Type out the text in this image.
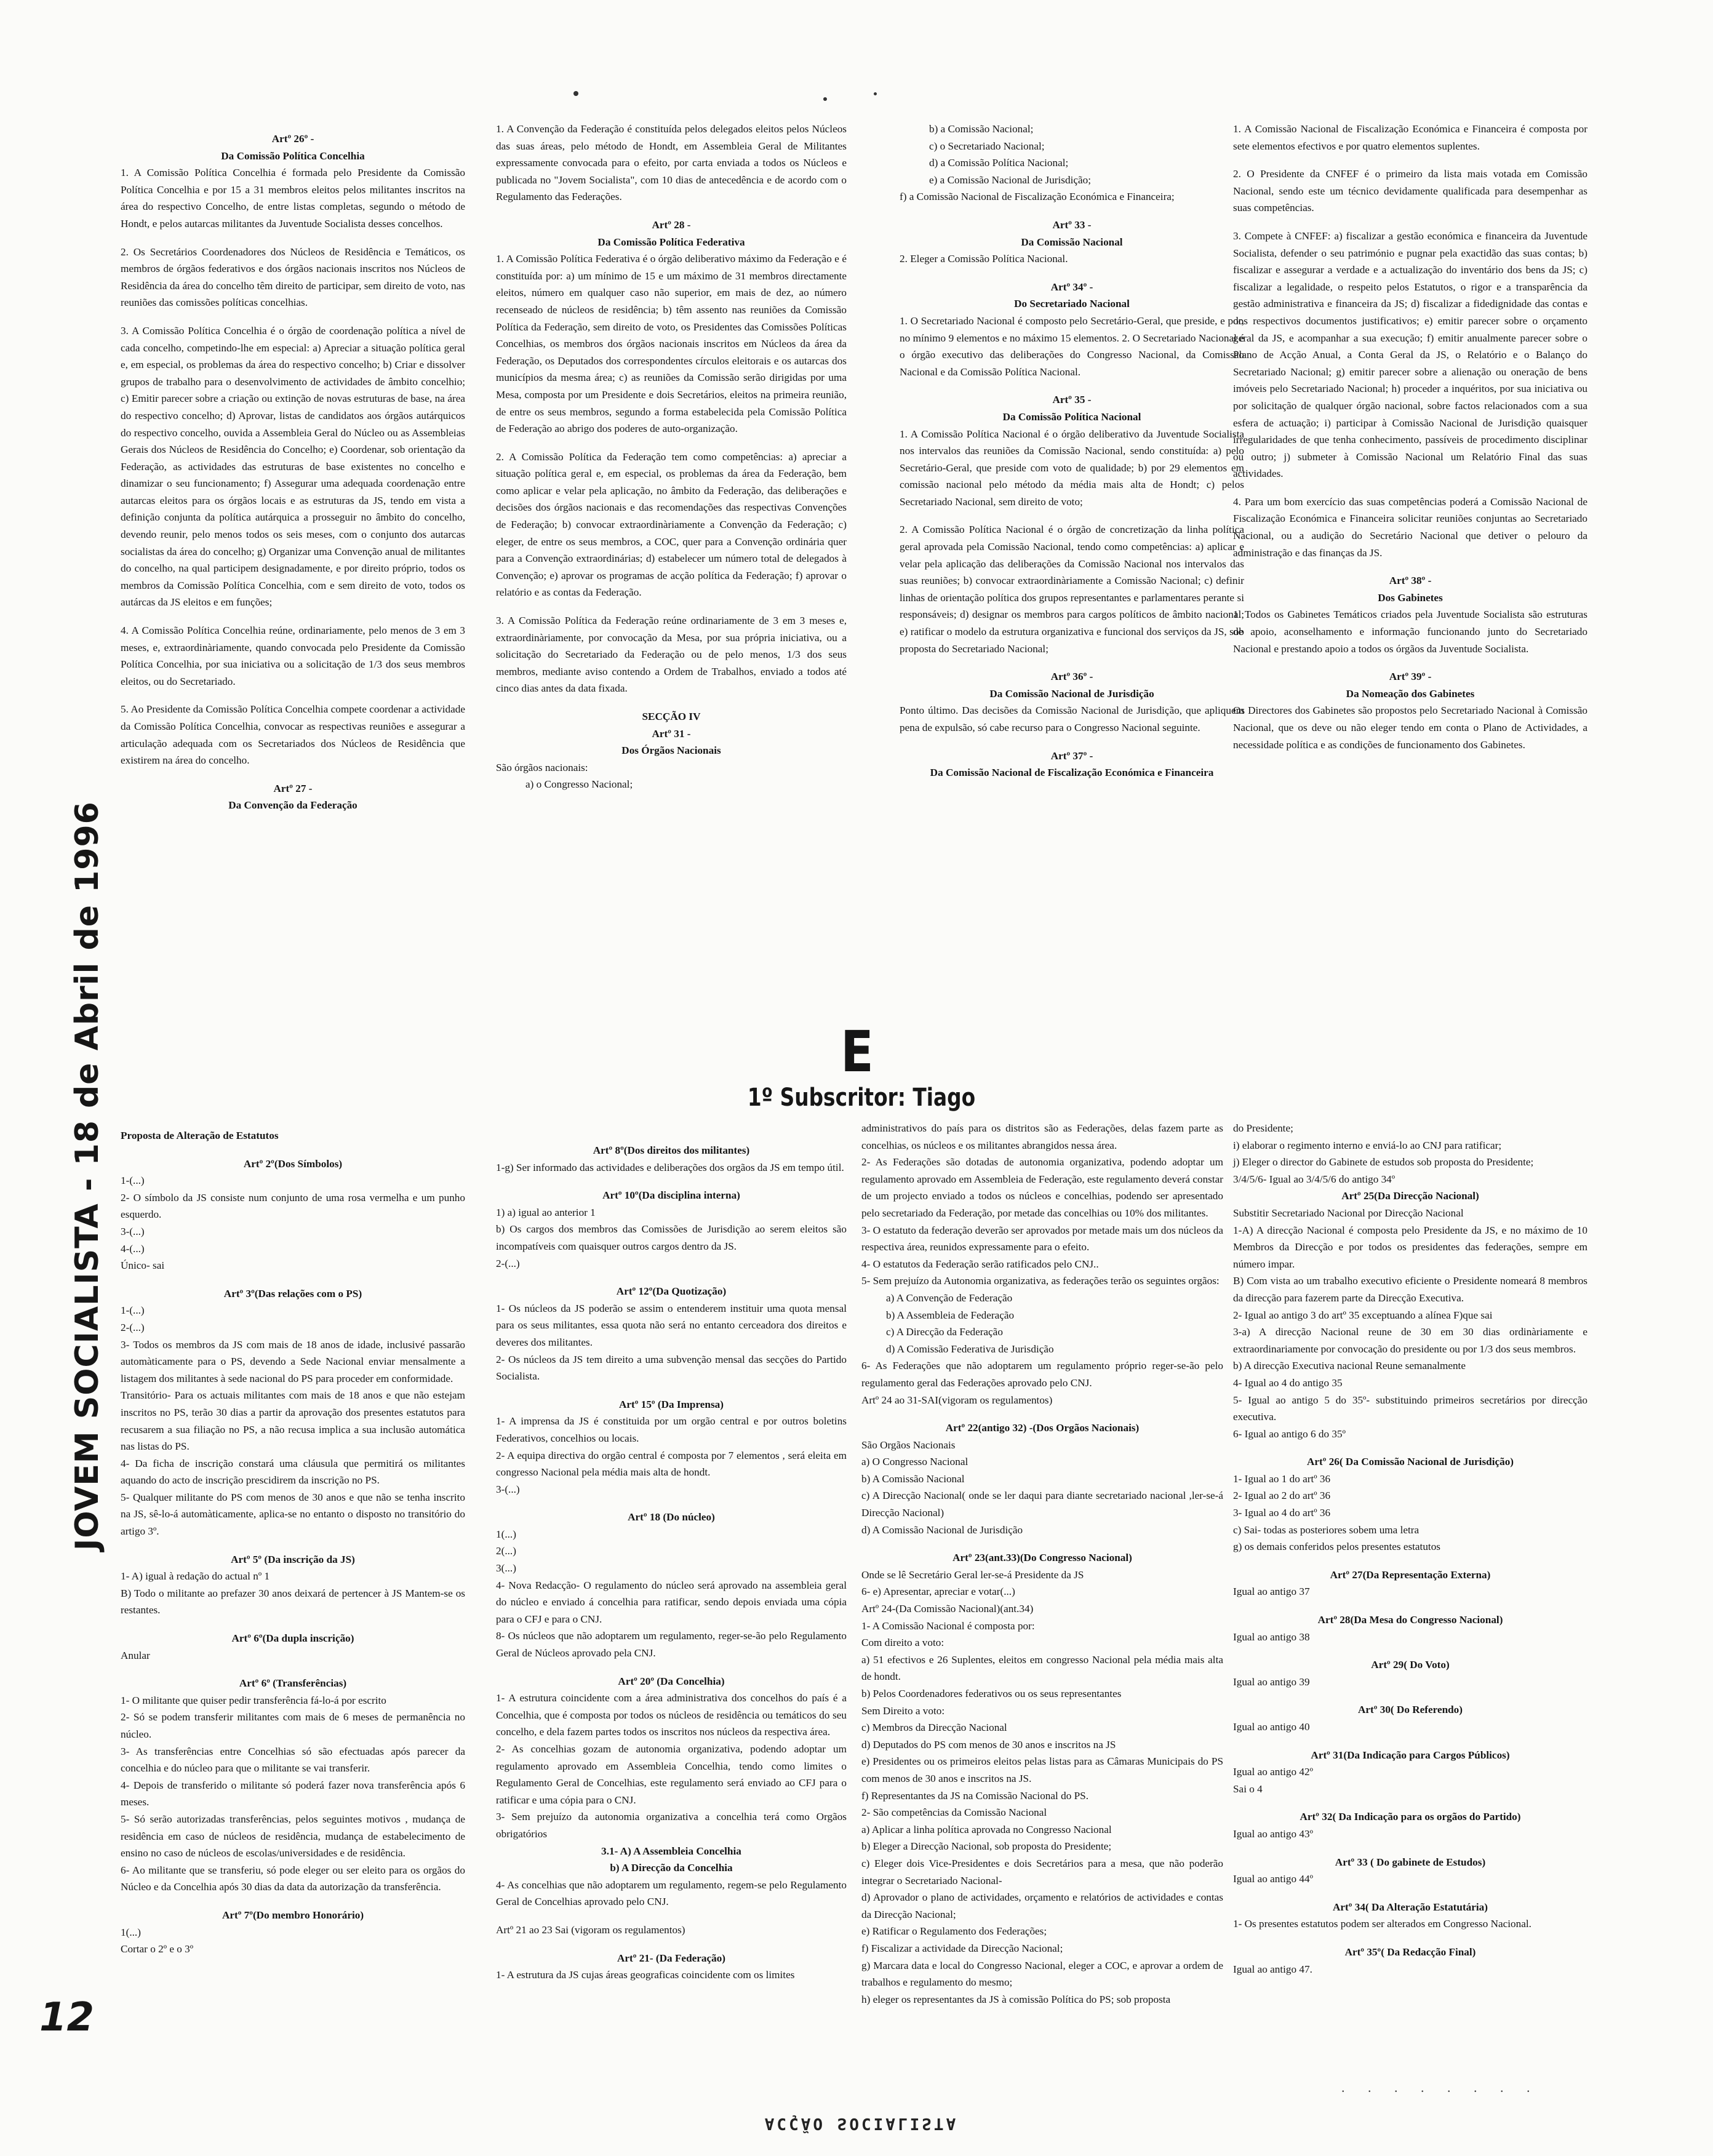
JOVEM SOCIALISTA - 18 de Abril de 1996
12
Artº 26º -
Da Comissão Política Concelhia
1. A Comissão Política Concelhia é formada pelo Presidente da Comissão Política Concelhia e por 15 a 31 membros eleitos pelos militantes inscritos na área do respectivo Concelho, de entre listas completas, segundo o método de Hondt, e pelos autarcas militantes da Juventude Socialista desses concelhos.
2. Os Secretários Coordenadores dos Núcleos de Residência e Temáticos, os membros de órgãos federativos e dos órgãos nacionais inscritos nos Núcleos de Residência da área do concelho têm direito de participar, sem direito de voto, nas reuniões das comissões políticas concelhias.
3. A Comissão Política Concelhia é o órgão de coordenação política a nível de cada concelho, competindo-lhe em especial: a) Apreciar a situação política geral e, em especial, os problemas da área do respectivo concelho; b) Criar e dissolver grupos de trabalho para o desenvolvimento de actividades de âmbito concelhio; c) Emitir parecer sobre a criação ou extinção de novas estruturas de base, na área do respectivo concelho; d) Aprovar, listas de candidatos aos órgãos autárquicos do respectivo concelho, ouvida a Assembleia Geral do Núcleo ou as Assembleias Gerais dos Núcleos de Residência do Concelho; e) Coordenar, sob orientação da Federação, as actividades das estruturas de base existentes no concelho e dinamizar o seu funcionamento; f) Assegurar uma adequada coordenação entre autarcas eleitos para os órgãos locais e as estruturas da JS, tendo em vista a definição conjunta da política autárquica a prosseguir no âmbito do concelho, devendo reunir, pelo menos todos os seis meses, com o conjunto dos autarcas socialistas da área do concelho; g) Organizar uma Convenção anual de militantes do concelho, na qual participem designadamente, e por direito próprio, todos os membros da Comissão Política Concelhia, com e sem direito de voto, todos os autárcas da JS eleitos e em funções;
4. A Comissão Política Concelhia reúne, ordinariamente, pelo menos de 3 em 3 meses, e, extraordinàriamente, quando convocada pelo Presidente da Comissão Política Concelhia, por sua iniciativa ou a solicitação de 1/3 dos seus membros eleitos, ou do Secretariado.
5. Ao Presidente da Comissão Política Concelhia compete coordenar a actividade da Comissão Política Concelhia, convocar as respectivas reuniões e assegurar a articulação adequada com os Secretariados dos Núcleos de Residência que existirem na área do concelho.
Artº 27 -
Da Convenção da Federação
1. A Convenção da Federação é constituída pelos delegados eleitos pelos Núcleos das suas áreas, pelo método de Hondt, em Assembleia Geral de Militantes expressamente convocada para o efeito, por carta enviada a todos os Núcleos e publicada no "Jovem Socialista", com 10 dias de antecedência e de acordo com o Regulamento das Federações.
Artº 28 -
Da Comissão Política Federativa
1. A Comissão Política Federativa é o órgão deliberativo máximo da Federação e é constituída por: a) um mínimo de 15 e um máximo de 31 membros directamente eleitos, número em qualquer caso não superior, em mais de dez, ao número recenseado de núcleos de residência; b) têm assento nas reuniões da Comissão Política da Federação, sem direito de voto, os Presidentes das Comissões Políticas Concelhias, os membros dos órgãos nacionais inscritos em Núcleos da área da Federação, os Deputados dos correspondentes círculos eleitorais e os autarcas dos municípios da mesma área; c) as reuniões da Comissão serão dirigidas por uma Mesa, composta por um Presidente e dois Secretários, eleitos na primeira reunião, de entre os seus membros, segundo a forma estabelecida pela Comissão Política de Federação ao abrigo dos poderes de auto-organização.
2. A Comissão Política da Federação tem como competências: a) apreciar a situação política geral e, em especial, os problemas da área da Federação, bem como aplicar e velar pela aplicação, no âmbito da Federação, das deliberações e decisões dos órgãos nacionais e das recomendações das respectivas Convenções de Federação; b) convocar extraordinàriamente a Convenção da Federação; c) eleger, de entre os seus membros, a COC, quer para a Convenção ordinária quer para a Convenção extraordinárias; d) estabelecer um número total de delegados à Convenção; e) aprovar os programas de acção política da Federação; f) aprovar o relatório e as contas da Federação.
3. A Comissão Política da Federação reúne ordinariamente de 3 em 3 meses e, extraordinàriamente, por convocação da Mesa, por sua própria iniciativa, ou a solicitação do Secretariado da Federação ou de pelo menos, 1/3 dos seus membros, mediante aviso contendo a Ordem de Trabalhos, enviado a todos até cinco dias antes da data fixada.
SECÇÃO IV
Artº 31 -
Dos Órgãos Nacionais
São órgãos nacionais:
a) o Congresso Nacional;
b) a Comissão Nacional;
c) o Secretariado Nacional;
d) a Comissão Política Nacional;
e) a Comissão Nacional de Jurisdição;
f) a Comissão Nacional de Fiscalização Económica e Financeira;
Artº 33 -
Da Comissão Nacional
2. Eleger a Comissão Política Nacional.
Artº 34º -
Do Secretariado Nacional
1. O Secretariado Nacional é composto pelo Secretário-Geral, que preside, e por, no mínimo 9 elementos e no máximo 15 elementos. 2. O Secretariado Nacional é o órgão executivo das deliberações do Congresso Nacional, da Comissão Nacional e da Comissão Política Nacional.
Artº 35 -
Da Comissão Política Nacional
1. A Comissão Política Nacional é o órgão deliberativo da Juventude Socialista nos intervalos das reuniões da Comissão Nacional, sendo constituída: a) pelo Secretário-Geral, que preside com voto de qualidade; b) por 29 elementos em comissão nacional pelo método da média mais alta de Hondt; c) pelos Secretariado Nacional, sem direito de voto;
2. A Comissão Política Nacional é o órgão de concretização da linha política geral aprovada pela Comissão Nacional, tendo como competências: a) aplicar e velar pela aplicação das deliberações da Comissão Nacional nos intervalos das suas reuniões; b) convocar extraordinàriamente a Comissão Nacional; c) definir linhas de orientação política dos grupos representantes e parlamentares perante si responsáveis; d) designar os membros para cargos políticos de âmbito nacional; e) ratificar o modelo da estrutura organizativa e funcional dos serviços da JS, sob proposta do Secretariado Nacional;
Artº 36º -
Da Comissão Nacional de Jurisdição
Ponto último. Das decisões da Comissão Nacional de Jurisdição, que apliquem pena de expulsão, só cabe recurso para o Congresso Nacional seguinte.
Artº 37º -
Da Comissão Nacional de Fiscalização Económica e Financeira
1. A Comissão Nacional de Fiscalização Económica e Financeira é composta por sete elementos efectivos e por quatro elementos suplentes.
2. O Presidente da CNFEF é o primeiro da lista mais votada em Comissão Nacional, sendo este um técnico devidamente qualificada para desempenhar as suas competências.
3. Compete à CNFEF: a) fiscalizar a gestão económica e financeira da Juventude Socialista, defender o seu património e pugnar pela exactidão das suas contas; b) fiscalizar e assegurar a verdade e a actualização do inventário dos bens da JS; c) fiscalizar a legalidade, o respeito pelos Estatutos, o rigor e a transparência da gestão administrativa e financeira da JS; d) fiscalizar a fidedignidade das contas e dos respectivos documentos justificativos; e) emitir parecer sobre o orçamento geral da JS, e acompanhar a sua execução; f) emitir anualmente parecer sobre o Plano de Acção Anual, a Conta Geral da JS, o Relatório e o Balanço do Secretariado Nacional; g) emitir parecer sobre a alienação ou oneração de bens imóveis pelo Secretariado Nacional; h) proceder a inquéritos, por sua iniciativa ou por solicitação de qualquer órgão nacional, sobre factos relacionados com a sua esfera de actuação; i) participar à Comissão Nacional de Jurisdição quaisquer irregularidades de que tenha conhecimento, passíveis de procedimento disciplinar ou outro; j) submeter à Comissão Nacional um Relatório Final das suas actividades.
4. Para um bom exercício das suas competências poderá a Comissão Nacional de Fiscalização Económica e Financeira solicitar reuniões conjuntas ao Secretariado Nacional, ou a audição do Secretário Nacional que detiver o pelouro da administração e das finanças da JS.
Artº 38º -
Dos Gabinetes
1. Todos os Gabinetes Temáticos criados pela Juventude Socialista são estruturas de apoio, aconselhamento e informação funcionando junto do Secretariado Nacional e prestando apoio a todos os órgãos da Juventude Socialista.
Artº 39º -
Da Nomeação dos Gabinetes
Os Directores dos Gabinetes são propostos pelo Secretariado Nacional à Comissão Nacional, que os deve ou não eleger tendo em conta o Plano de Actividades, a necessidade política e as condições de funcionamento dos Gabinetes.
E
1º Subscritor: Tiago
Proposta de Alteração de Estatutos
Artº 2º(Dos Símbolos)
1-(...)
2- O símbolo da JS consiste num conjunto de uma rosa vermelha e um punho esquerdo.
3-(...)
4-(...)
Único- sai
Artº 3º(Das relações com o PS)
1-(...)
2-(...)
3- Todos os membros da JS com mais de 18 anos de idade, inclusivé passarão automàticamente para o PS, devendo a Sede Nacional enviar mensalmente a listagem dos militantes à sede nacional do PS para proceder em conformidade.
Transitório- Para os actuais militantes com mais de 18 anos e que não estejam inscritos no PS, terão 30 dias a partir da aprovação dos presentes estatutos para recusarem a sua filiação no PS, a não recusa implica a sua inclusão automática nas listas do PS.
4- Da ficha de inscrição constará uma cláusula que permitirá os militantes aquando do acto de inscrição prescidirem da inscrição no PS.
5- Qualquer militante do PS com menos de 30 anos e que não se tenha inscrito na JS, sê-lo-á automàticamente, aplica-se no entanto o disposto no transitório do artigo 3º.
Artº 5º (Da inscrição da JS)
1- A) igual à redação do actual nº 1
B) Todo o militante ao prefazer 30 anos deixará de pertencer à JS Mantem-se os restantes.
Artº 6º(Da dupla inscrição)
Anular
Artº 6º (Transferências)
1- O militante que quiser pedir transferência fá-lo-á por escrito
2- Só se podem transferir militantes com mais de 6 meses de permanência no núcleo.
3- As transferências entre Concelhias só são efectuadas após parecer da concelhia e do núcleo para que o militante se vai transferir.
4- Depois de transferido o militante só poderá fazer nova transferência após 6 meses.
5- Só serão autorizadas transferências, pelos seguintes motivos , mudança de residência em caso de núcleos de residência, mudança de estabelecimento de ensino no caso de núcleos de escolas/universidades e de residência.
6- Ao militante que se transferiu, só pode eleger ou ser eleito para os orgãos do Núcleo e da Concelhia após 30 dias da data da autorização da transferência.
Artº 7º(Do membro Honorário)
1(...)
Cortar o 2º e o 3º
Artº 8º(Dos direitos dos militantes)
1-g) Ser informado das actividades e deliberações dos orgãos da JS em tempo útil.
Artº 10º(Da disciplina interna)
1) a) igual ao anterior 1
b) Os cargos dos membros das Comissões de Jurisdição ao serem eleitos são incompatíveis com quaisquer outros cargos dentro da JS.
2-(...)
Artº 12º(Da Quotização)
1- Os núcleos da JS poderão se assim o entenderem instituir uma quota mensal para os seus militantes, essa quota não será no entanto cerceadora dos direitos e deveres dos militantes.
2- Os núcleos da JS tem direito a uma subvenção mensal das secções do Partido Socialista.
Artº 15º (Da Imprensa)
1- A imprensa da JS é constituida por um orgão central e por outros boletins Federativos, concelhios ou locais.
2- A equipa directiva do orgão central é composta por 7 elementos , será eleita em congresso Nacional pela média mais alta de hondt.
3-(...)
Artº 18 (Do núcleo)
1(...)
2(...)
3(...)
4- Nova Redacção- O regulamento do núcleo será aprovado na assembleia geral do núcleo e enviado á concelhia para ratificar, sendo depois enviada uma cópia para o CFJ e para o CNJ.
8- Os núcleos que não adoptarem um regulamento, reger-se-ão pelo Regulamento Geral de Núcleos aprovado pela CNJ.
Artº 20º (Da Concelhia)
1- A estrutura coincidente com a área administrativa dos concelhos do país é a Concelhia, que é composta por todos os núcleos de residência ou temáticos do seu concelho, e dela fazem partes todos os inscritos nos núcleos da respectiva área.
2- As concelhias gozam de autonomia organizativa, podendo adoptar um regulamento aprovado em Assembleia Concelhia, tendo como limites o Regulamento Geral de Concelhias, este regulamento será enviado ao CFJ para o ratificar e uma cópia para o CNJ.
3- Sem prejuízo da autonomia organizativa a concelhia terá como Orgãos obrigatórios
3.1- A) A Assembleia Concelhia
b) A Direcção da Concelhia
4- As concelhias que não adoptarem um regulamento, regem-se pelo Regulamento Geral de Concelhias aprovado pelo CNJ.
Artº 21 ao 23 Sai (vigoram os regulamentos)
Artº 21- (Da Federação)
1- A estrutura da JS cujas áreas geograficas coincidente com os limites
administrativos do país para os distritos são as Federações, delas fazem parte as concelhias, os núcleos e os militantes abrangidos nessa área.
2- As Federações são dotadas de autonomia organizativa, podendo adoptar um regulamento aprovado em Assembleia de Federação, este regulamento deverá constar de um projecto enviado a todos os núcleos e concelhias, podendo ser apresentado pelo secretariado da Federação, por metade das concelhias ou 10% dos militantes.
3- O estatuto da federação deverão ser aprovados por metade mais um dos núcleos da respectiva área, reunidos expressamente para o efeito.
4- O estatutos da Federação serão ratificados pelo CNJ..
5- Sem prejuízo da Autonomia organizativa, as federações terão os seguintes orgãos:
a) A Convenção de Federação
b) A Assembleia de Federação
c) A Direcção da Federação
d) A Comissão Federativa de Jurisdição
6- As Federações que não adoptarem um regulamento próprio reger-se-ão pelo regulamento geral das Federações aprovado pelo CNJ.
Artº 24 ao 31-SAI(vigoram os regulamentos)
Artº 22(antigo 32) -(Dos Orgãos Nacionais)
São Orgãos Nacionais
a) O Congresso Nacional
b) A Comissão Nacional
c) A Direcção Nacional( onde se ler daqui para diante secretariado nacional ,ler-se-á Direcção Nacional)
d) A Comissão Nacional de Jurisdição
Artº 23(ant.33)(Do Congresso Nacional)
Onde se lê Secretário Geral ler-se-á Presidente da JS
6- e) Apresentar, apreciar e votar(...)
Artº 24-(Da Comissão Nacional)(ant.34)
1- A Comissão Nacional é composta por:
Com direito a voto:
a) 51 efectivos e 26 Suplentes, eleitos em congresso Nacional pela média mais alta de hondt.
b) Pelos Coordenadores federativos ou os seus representantes
Sem Direito a voto:
c) Membros da Direcção Nacional
d) Deputados do PS com menos de 30 anos e inscritos na JS
e) Presidentes ou os primeiros eleitos pelas listas para as Câmaras Municipais do PS com menos de 30 anos e inscritos na JS.
f) Representantes da JS na Comissão Nacional do PS.
2- São competências da Comissão Nacional
a) Aplicar a linha política aprovada no Congresso Nacional
b) Eleger a Direcção Nacional, sob proposta do Presidente;
c) Eleger dois Vice-Presidentes e dois Secretários para a mesa, que não poderão integrar o Secretariado Nacional-
d) Aprovador o plano de actividades, orçamento e relatórios de actividades e contas da Direcção Nacional;
e) Ratificar o Regulamento dos Federações;
f) Fiscalizar a actividade da Direcção Nacional;
g) Marcara data e local do Congresso Nacional, eleger a COC, e aprovar a ordem de trabalhos e regulamento do mesmo;
h) eleger os representantes da JS à comissão Política do PS; sob proposta
do Presidente;
i) elaborar o regimento interno e enviá-lo ao CNJ para ratificar;
j) Eleger o director do Gabinete de estudos sob proposta do Presidente;
3/4/5/6- Igual ao 3/4/5/6 do antigo 34º
Artº 25(Da Direcção Nacional)
Substitir Secretariado Nacional por Direcção Nacional
1-A) A direcção Nacional é composta pelo Presidente da JS, e no máximo de 10 Membros da Direcção e por todos os presidentes das federações, sempre em número impar.
B) Com vista ao um trabalho executivo eficiente o Presidente nomeará 8 membros da direcção para fazerem parte da Direcção Executiva.
2- Igual ao antigo 3 do artº 35 exceptuando a alínea F)que sai
3-a) A direcção Nacional reune de 30 em 30 dias ordinàriamente e extraordinariamente por convocação do presidente ou por 1/3 dos seus membros.
b) A direcção Executiva nacional Reune semanalmente
4- Igual ao 4 do antigo 35
5- Igual ao antigo 5 do 35º- substituindo primeiros secretários por direcção executiva.
6- Igual ao antigo 6 do 35º
Artº 26( Da Comissão Nacional de Jurisdição)
1- Igual ao 1 do artº 36
2- Igual ao 2 do artº 36
3- Igual ao 4 do artº 36
c) Sai- todas as posteriores sobem uma letra
g) os demais conferidos pelos presentes estatutos
Artº 27(Da Representação Externa)
Igual ao antigo 37
Artº 28(Da Mesa do Congresso Nacional)
Igual ao antigo 38
Artº 29( Do Voto)
Igual ao antigo 39
Artº 30( Do Referendo)
Igual ao antigo 40
Artº 31(Da Indicação para Cargos Públicos)
Igual ao antigo 42º
Sai o 4
Artº 32( Da Indicação para os orgãos do Partido)
Igual ao antigo 43º
Artº 33 ( Do gabinete de Estudos)
Igual ao antigo 44º
Artº 34( Da Alteração Estatutária)
1- Os presentes estatutos podem ser alterados em Congresso Nacional.
Artº 35º( Da Redacção Final)
Igual ao antigo 47.
. . . . . . . .
ACÇÃO SOCIALISTA
